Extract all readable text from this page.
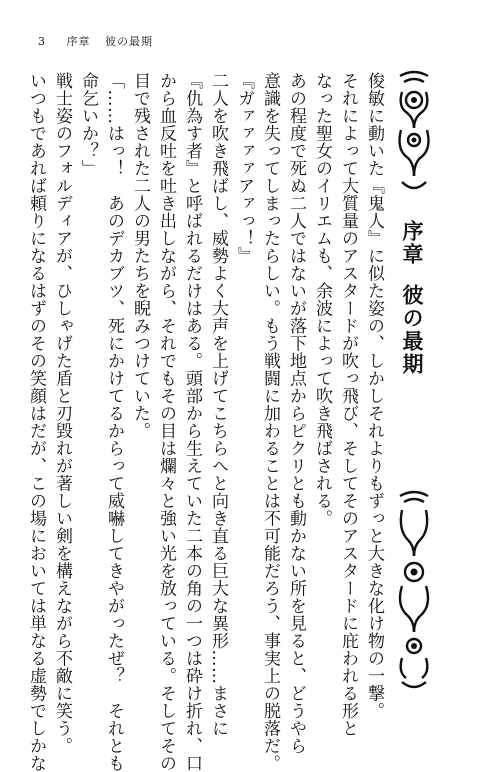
3 序章 彼の最期
序章彼の最期
俊敏に動いた『鬼人』に似た姿の、しかしそれよりもずっと大きな化け物の一撃。
それによって大質量のアスタードが吹っ飛び、そしてそのアスタードに庇われる形と
なった聖女のイリエムも、余波によって吹き飛ばされる。
あの程度で死ぬ二人ではないが落下地点からピクリとも動かない所を見ると、どうやら
意識を失ってしまったらしい。もう戦闘に加わることは不可能だろう、事実上の脱落だ。
『ガァァァァアァっ！』
二人を吹き飛ばし、威勢よく大声を上げてこちらへと向き直る巨大な異形……まさに
『仇為す者』と呼ばれるだけはある。頭部から生えていた二本の角の一つは砕け折れ、口
から血反吐を吐き出しながら、それでもその目は爛々と強い光を放っている。そしてその
目で残された二人の男たちを睨みつけていた。
「……はっ！　あのデカブツ、死にかけてるからって威嚇してきやがったぜ？　それとも
命乞いか？」
戦士姿のフォルディアが、ひしゃげた盾と刃毀れが著しい剣を構えながら不敵に笑う。
いつもであれば頼りになるはずのその笑顔はだが、この場においては単なる虚勢でしかな
